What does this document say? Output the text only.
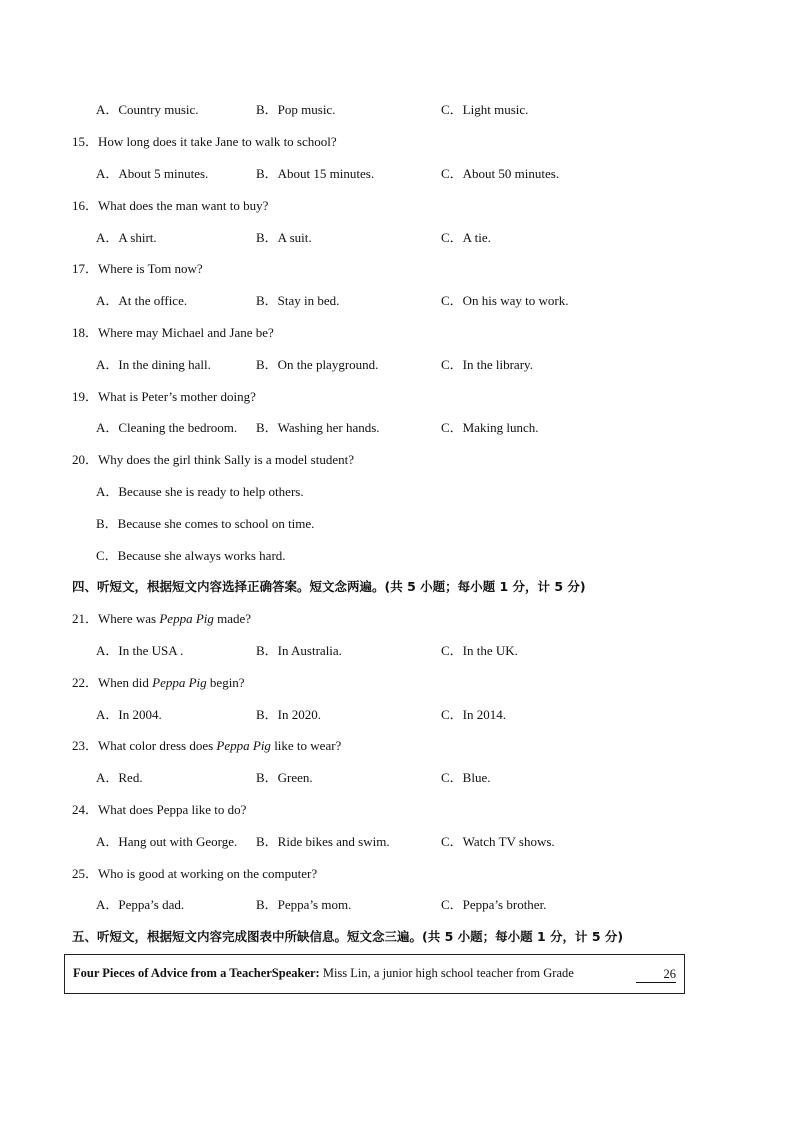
A．Country music.	B．Pop music.	C．Light music.
15．How long does it take Jane to walk to school?
A．About 5 minutes.	B．About 15 minutes.	C．About 50 minutes.
16．What does the man want to buy?
A．A shirt.	B．A suit.	C．A tie.
17．Where is Tom now?
A．At the office.	B．Stay in bed.	C．On his way to work.
18．Where may Michael and Jane be?
A．In the dining hall.	B．On the playground.	C．In the library.
19．What is Peter’s mother doing?
A．Cleaning the bedroom. B．Washing her hands.	C．Making lunch.
20．Why does the girl think Sally is a model student?
A．Because she is ready to help others.
B．Because she comes to school on time.
C．Because she always works hard.
四、听短文，根据短文内容选择正确答案。短文念两遍。(共 5 小题；每小题 1 分，计 5 分)
21．Where was Peppa Pig made?
A．In the USA .	B．In Australia.	C．In the UK.
22．When did Peppa Pig begin?
A．In 2004.	B．In 2020.	C．In 2014.
23．What color dress does Peppa Pig like to wear?
A．Red.	B．Green.	C．Blue.
24．What does Peppa like to do?
A．Hang out with George. B．Ride bikes and swim.	C．Watch TV shows.
25．Who is good at working on the computer?
A．Peppa’s dad.	B．Peppa’s mom.	C．Peppa’s brother.
五、听短文，根据短文内容完成图表中所缺信息。短文念三遍。(共 5 小题；每小题 1 分，计 5 分)
Four Pieces of Advice from a TeacherSpeaker: Miss Lin, a junior high school teacher from Grade	26
